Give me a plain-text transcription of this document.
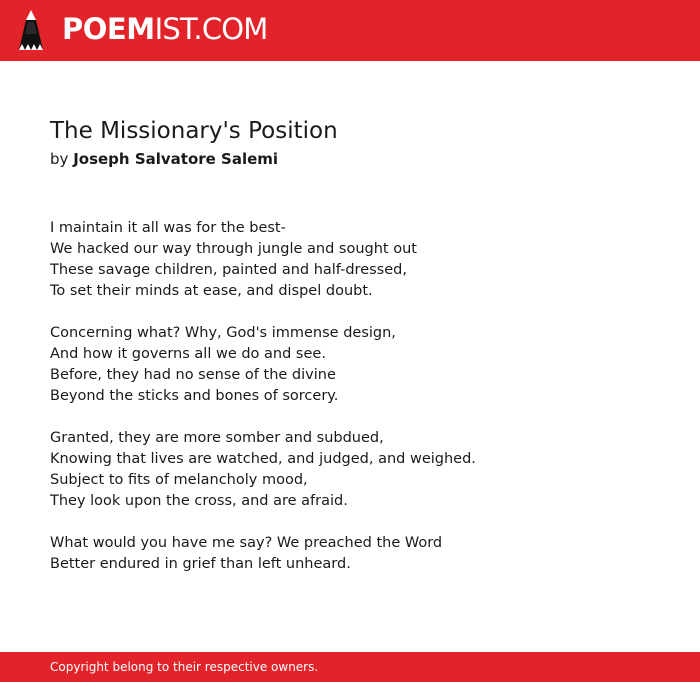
POEMIST.COM
The Missionary's Position
by Joseph Salvatore Salemi
I maintain it all was for the best-
We hacked our way through jungle and sought out
These savage children, painted and half-dressed,
To set their minds at ease, and dispel doubt.
Concerning what? Why, God's immense design,
And how it governs all we do and see.
Before, they had no sense of the divine
Beyond the sticks and bones of sorcery.
Granted, they are more somber and subdued,
Knowing that lives are watched, and judged, and weighed.
Subject to fits of melancholy mood,
They look upon the cross, and are afraid.
What would you have me say? We preached the Word
Better endured in grief than left unheard.
Copyright belong to their respective owners.
